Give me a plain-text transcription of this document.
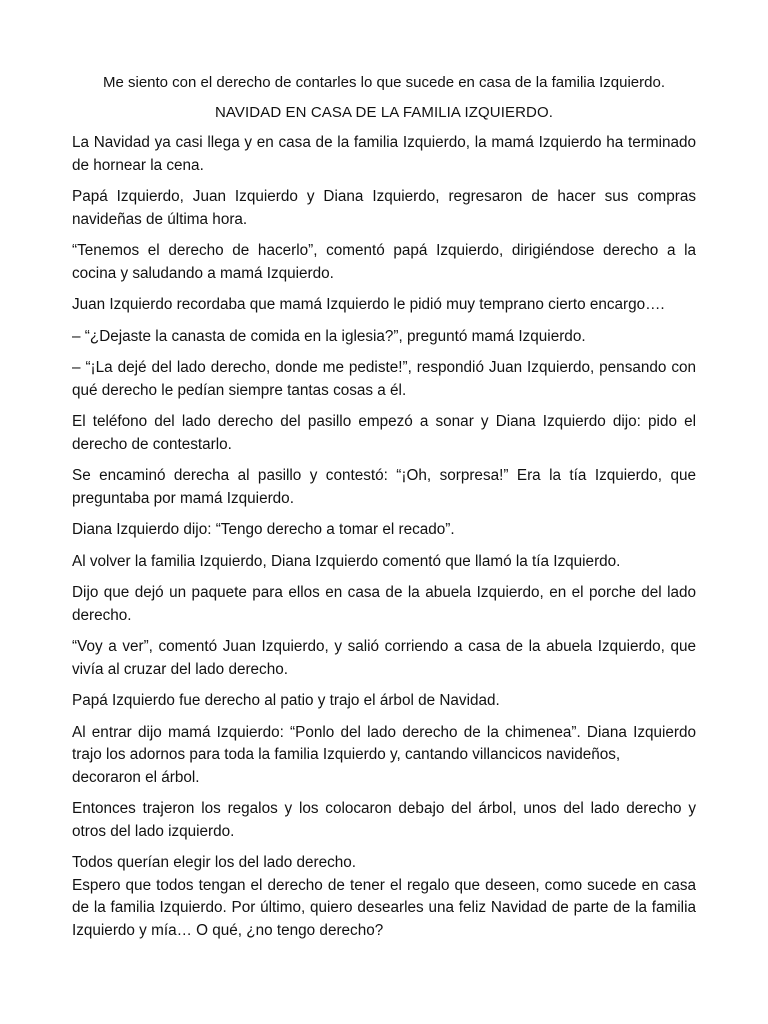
Me siento con el derecho de contarles lo que sucede en casa de la familia Izquierdo.

NAVIDAD EN CASA DE LA FAMILIA IZQUIERDO.

La Navidad ya casi llega y en casa de la familia Izquierdo, la mamá Izquierdo ha terminado de hornear la cena.

Papá Izquierdo, Juan Izquierdo y Diana Izquierdo, regresaron de hacer sus compras navideñas de última hora.

“Tenemos el derecho de hacerlo”, comentó papá Izquierdo, dirigiéndose derecho a la cocina y saludando a mamá Izquierdo.

Juan Izquierdo recordaba que mamá Izquierdo le pidió muy temprano cierto encargo….

– “¿Dejaste la canasta de comida en la iglesia?”, preguntó mamá Izquierdo.

– “¡La dejé del lado derecho, donde me pediste!”, respondió Juan Izquierdo, pensando con qué derecho le pedían siempre tantas cosas a él.

El teléfono del lado derecho del pasillo empezó a sonar y Diana Izquierdo dijo: pido el derecho de contestarlo.

Se encaminó derecha al pasillo y contestó: “¡Oh, sorpresa!” Era la tía Izquierdo, que preguntaba por mamá Izquierdo.

Diana Izquierdo dijo: “Tengo derecho a tomar el recado”.

Al volver la familia Izquierdo, Diana Izquierdo comentó que llamó la tía Izquierdo.

Dijo que dejó un paquete para ellos en casa de la abuela Izquierdo, en el porche del lado derecho.

“Voy a ver”, comentó Juan Izquierdo, y salió corriendo a casa de la abuela Izquierdo, que vivía al cruzar del lado derecho.

Papá Izquierdo fue derecho al patio y trajo el árbol de Navidad.

Al entrar dijo mamá Izquierdo: “Ponlo del lado derecho de la chimenea”. Diana Izquierdo trajo los adornos para toda la familia Izquierdo y, cantando villancicos navideños,

decoraron el árbol.

Entonces trajeron los regalos y los colocaron debajo del árbol, unos del lado derecho y otros del lado izquierdo.

Todos querían elegir los del lado derecho.

Espero que todos tengan el derecho de tener el regalo que deseen, como sucede en casa de la familia Izquierdo. Por último, quiero desearles una feliz Navidad de parte de la familia Izquierdo y mía… O qué, ¿no tengo derecho?
